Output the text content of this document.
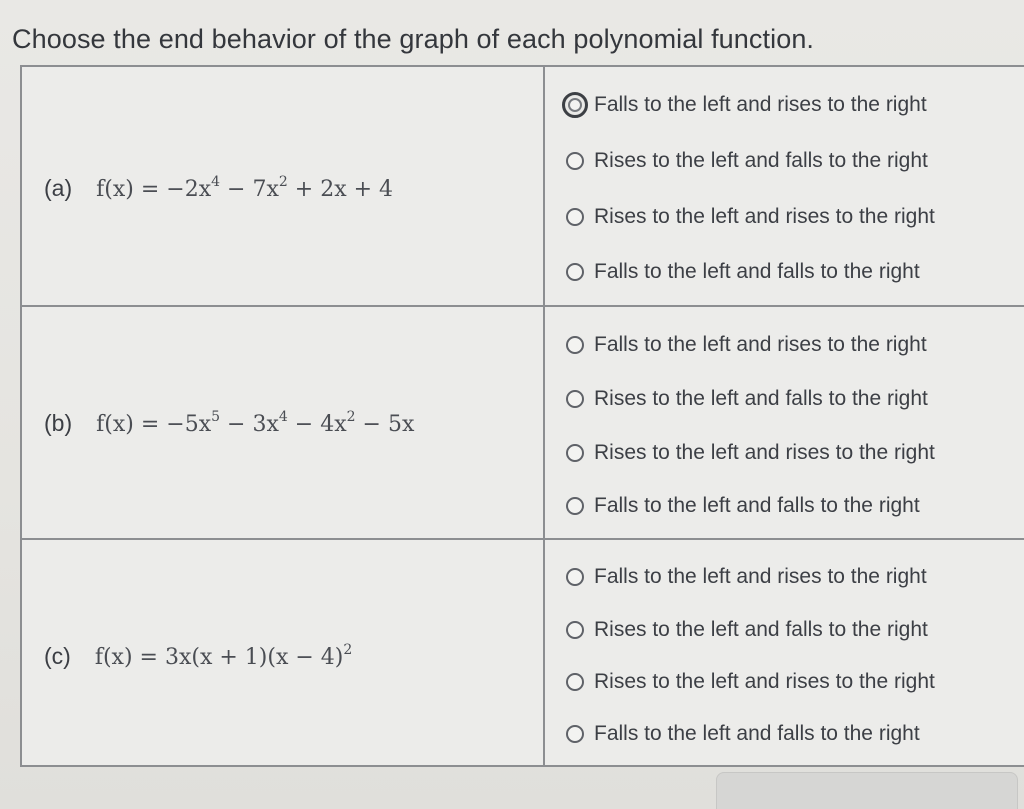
Choose the end behavior of the graph of each polynomial function.
(a) $f(x) = -2x^4 - 7x^2 + 2x + 4$
Falls to the left and rises to the right
Rises to the left and falls to the right
Rises to the left and rises to the right
Falls to the left and falls to the right
(b) $f(x) = -5x^5 - 3x^4 - 4x^2 - 5x$
Falls to the left and rises to the right
Rises to the left and falls to the right
Rises to the left and rises to the right
Falls to the left and falls to the right
(c) $f(x) = 3x(x + 1)(x - 4)^2$
Falls to the left and rises to the right
Rises to the left and falls to the right
Rises to the left and rises to the right
Falls to the left and falls to the right
